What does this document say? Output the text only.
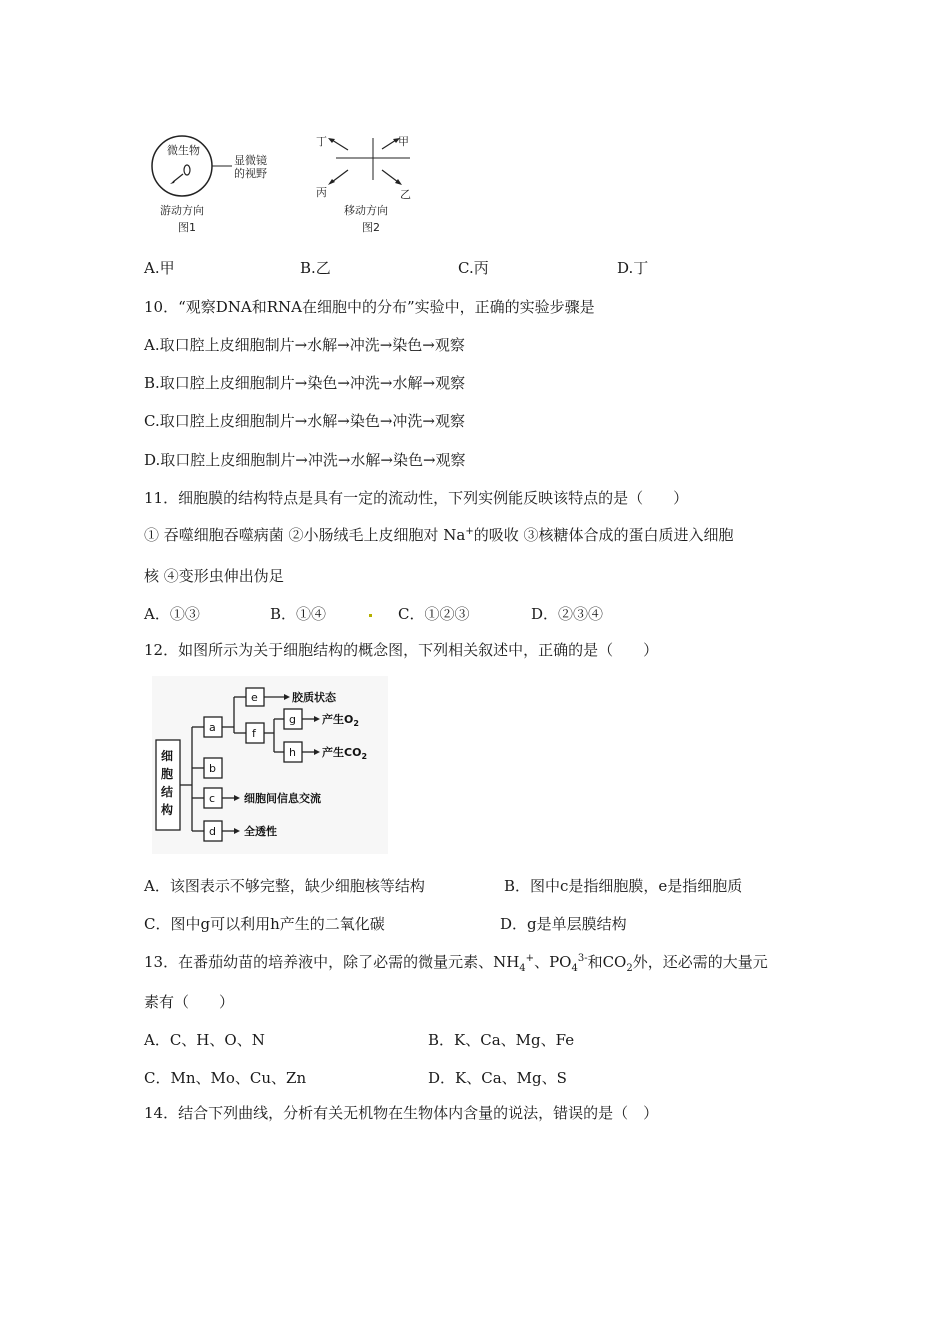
微生物
显微镜
的视野
游动方向
图1
丁	甲
丙	乙
移动方向
图2
A.甲	B.乙	C.丙	D.丁
10．“观察DNA和RNA在细胞中的分布”实验中，正确的实验步骤是
A.取口腔上皮细胞制片→水解→冲洗→染色→观察
B.取口腔上皮细胞制片→染色→冲洗→水解→观察
C.取口腔上皮细胞制片→水解→染色→冲洗→观察
D.取口腔上皮细胞制片→冲洗→水解→染色→观察
11．细胞膜的结构特点是具有一定的流动性，下列实例能反映该特点的是（　　）
① 吞噬细胞吞噬病菌 ②小肠绒毛上皮细胞对 Na+的吸收 ③核糖体合成的蛋白质进入细胞
核 ④变形虫伸出伪足
A．①③	B．①④	C．①②③	D．②③④
12．如图所示为关于细胞结构的概念图，下列相关叙述中，正确的是（　　）
细
胞
结
构
a
b
c
d
e
f
g
h
胶质状态
产生$O_2$
产生$CO_2$
细胞间信息交流
全透性
A．该图表示不够完整，缺少细胞核等结构	B．图中c是指细胞膜，e是指细胞质
C．图中g可以利用h产生的二氧化碳	D．g是单层膜结构
13．在番茄幼苗的培养液中，除了必需的微量元素、$NH_4^+$、$PO_4^{3-}$和$CO_2$外，还必需的大量元
素有（　　）
A．C、H、O、N	B．K、Ca、Mg、Fe
C．Mn、Mo、Cu、Zn	D．K、Ca、Mg、S
14．结合下列曲线，分析有关无机物在生物体内含量的说法，错误的是（　）
